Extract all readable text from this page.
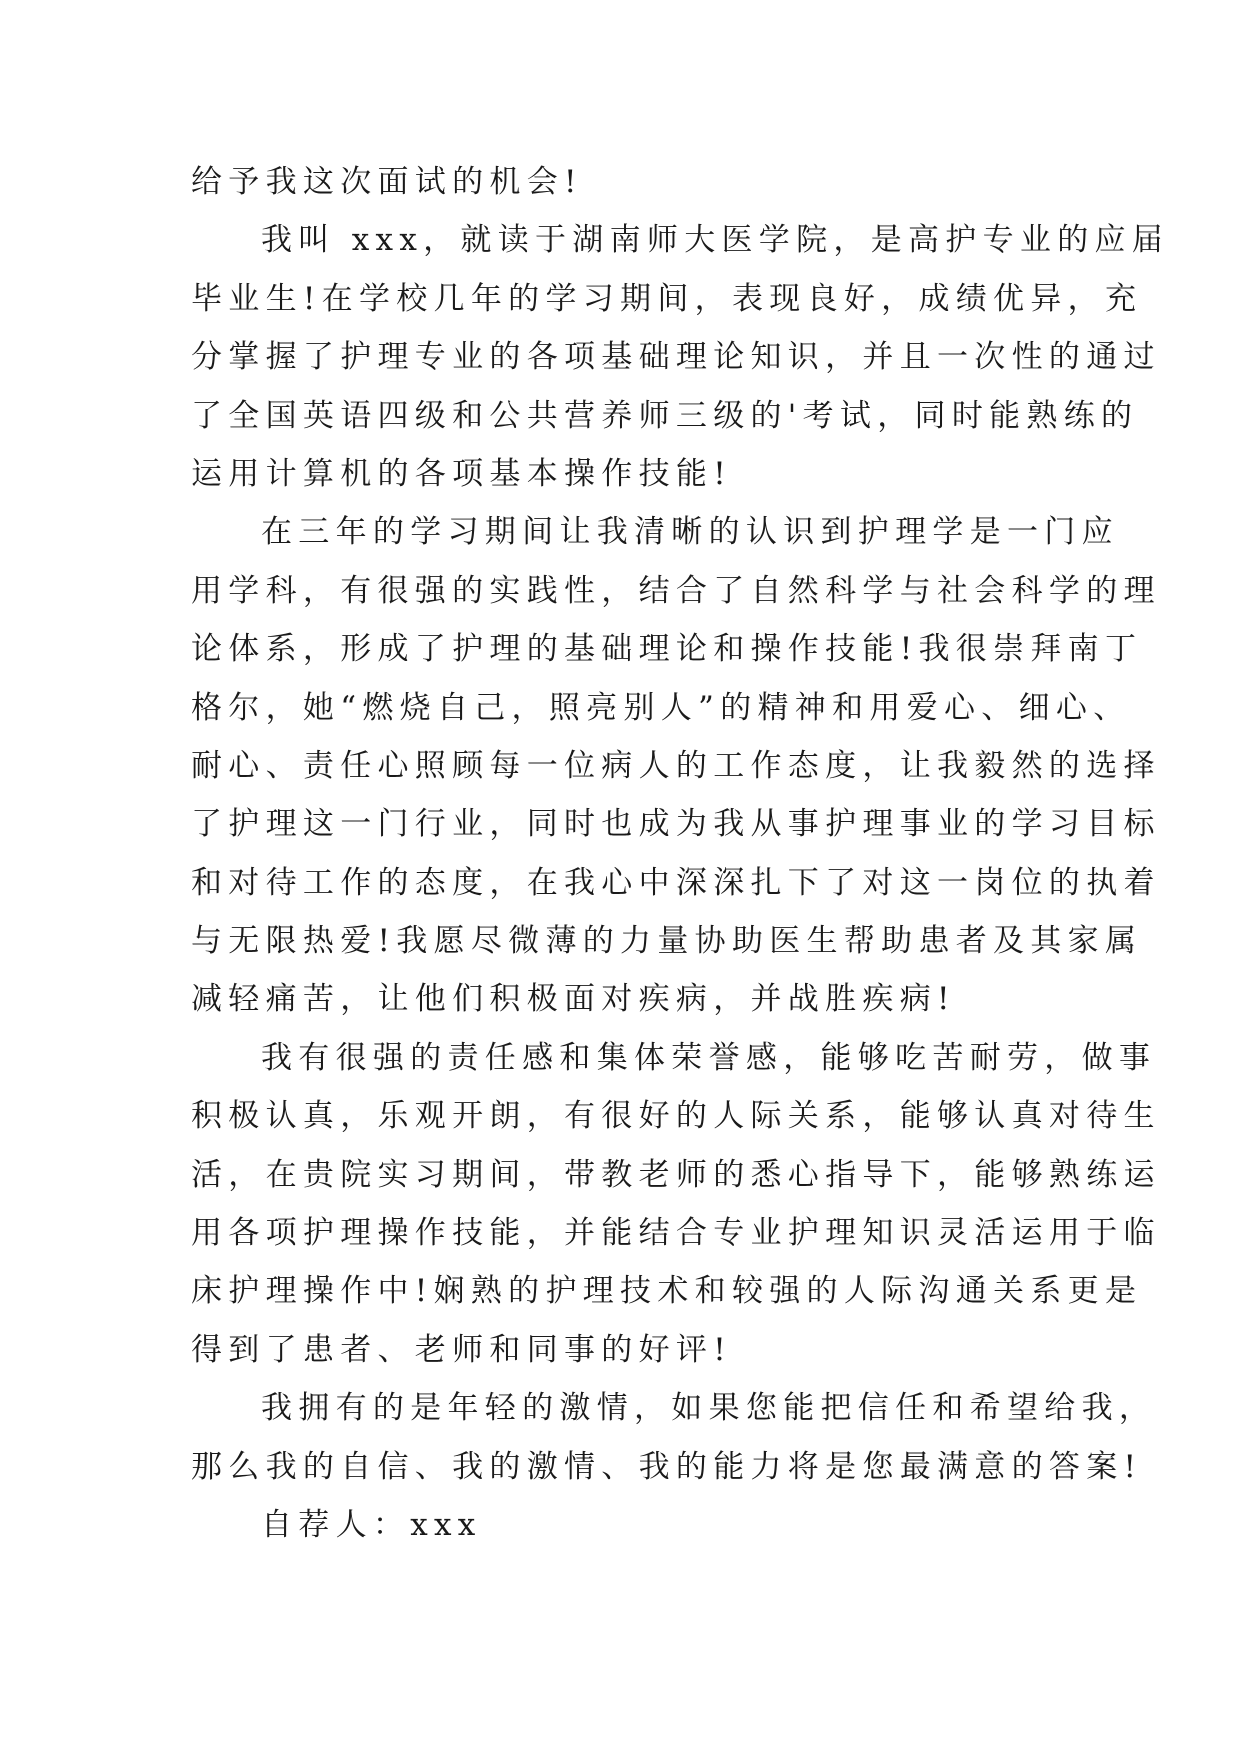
给予我这次面试的机会!
我叫 xxx，就读于湖南师大医学院，是高护专业的应届
毕业生!在学校几年的学习期间，表现良好，成绩优异，充
分掌握了护理专业的各项基础理论知识，并且一次性的通过
了全国英语四级和公共营养师三级的'考试，同时能熟练的
运用计算机的各项基本操作技能!
在三年的学习期间让我清晰的认识到护理学是一门应
用学科，有很强的实践性，结合了自然科学与社会科学的理
论体系，形成了护理的基础理论和操作技能!我很崇拜南丁
格尔，她“燃烧自己，照亮别人”的精神和用爱心、细心、
耐心、责任心照顾每一位病人的工作态度，让我毅然的选择
了护理这一门行业，同时也成为我从事护理事业的学习目标
和对待工作的态度，在我心中深深扎下了对这一岗位的执着
与无限热爱!我愿尽微薄的力量协助医生帮助患者及其家属
减轻痛苦，让他们积极面对疾病，并战胜疾病!
我有很强的责任感和集体荣誉感，能够吃苦耐劳，做事
积极认真，乐观开朗，有很好的人际关系，能够认真对待生
活，在贵院实习期间，带教老师的悉心指导下，能够熟练运
用各项护理操作技能，并能结合专业护理知识灵活运用于临
床护理操作中!娴熟的护理技术和较强的人际沟通关系更是
得到了患者、老师和同事的好评!
我拥有的是年轻的激情，如果您能把信任和希望给我，
那么我的自信、我的激情、我的能力将是您最满意的答案!
自荐人：xxx
